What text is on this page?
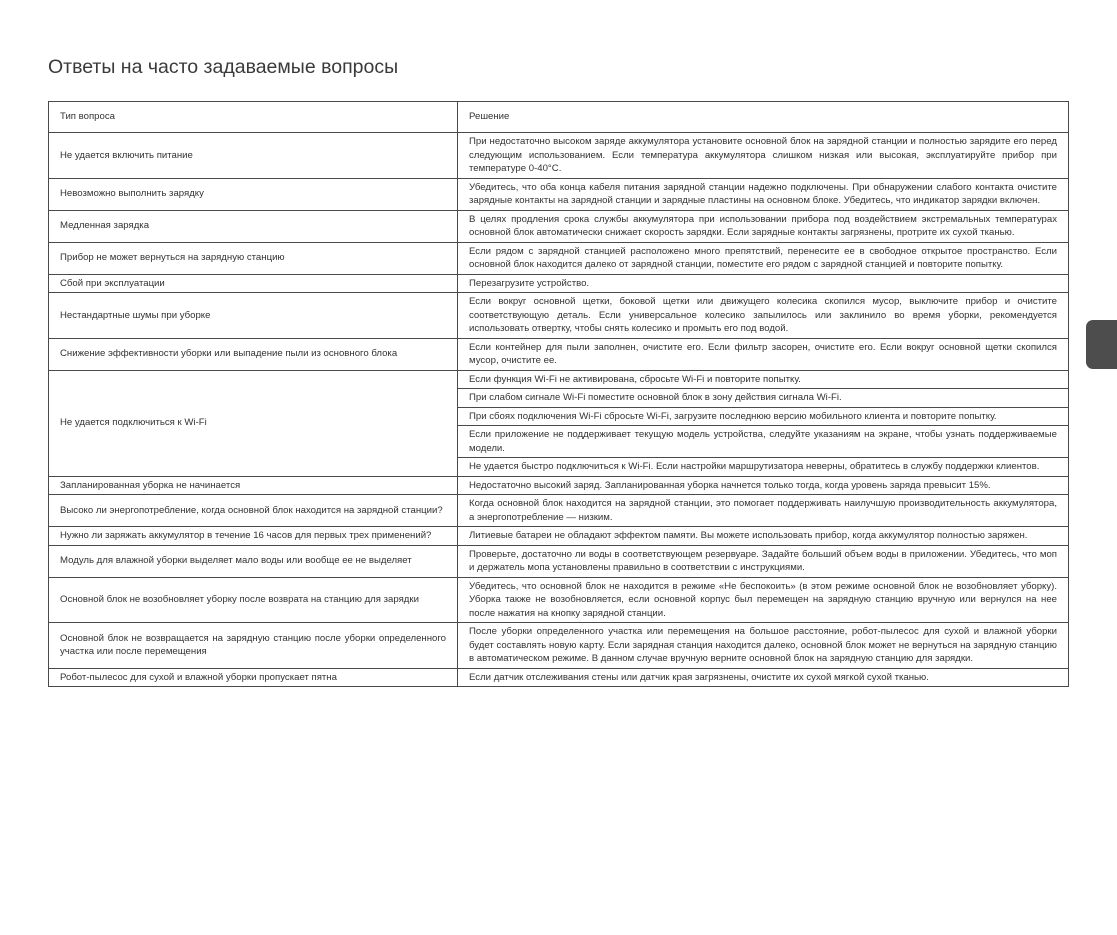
Ответы на часто задаваемые вопросы
Тип вопроса	Решение
Не удается включить питание	При недостаточно высоком заряде аккумулятора установите основной блок на зарядной станции и полностью зарядите его перед следующим использованием. Если температура аккумулятора слишком низкая или высокая, эксплуатируйте прибор при температуре 0-40°C.
Невозможно выполнить зарядку	Убедитесь, что оба конца кабеля питания зарядной станции надежно подключены. При обнаружении слабого контакта очистите зарядные контакты на зарядной станции и зарядные пластины на основном блоке. Убедитесь, что индикатор зарядки включен.
Медленная зарядка	В целях продления срока службы аккумулятора при использовании прибора под воздействием экстремальных температурах основной блок автоматически снижает скорость зарядки. Если зарядные контакты загрязнены, протрите их сухой тканью.
Прибор не может вернуться на зарядную станцию	Если рядом с зарядной станцией расположено много препятствий, перенесите ее в свободное открытое пространство. Если основной блок находится далеко от зарядной станции, поместите его рядом с зарядной станцией и повторите попытку.
Сбой при эксплуатации	Перезагрузите устройство.
Нестандартные шумы при уборке	Если вокруг основной щетки, боковой щетки или движущего колесика скопился мусор, выключите прибор и очистите соответствующую деталь. Если универсальное колесико запылилось или заклинило во время уборки, рекомендуется использовать отвертку, чтобы снять колесико и промыть его под водой.
Снижение эффективности уборки или выпадение пыли из основного блока	Если контейнер для пыли заполнен, очистите его. Если фильтр засорен, очистите его. Если вокруг основной щетки скопился мусор, очистите ее.
Не удается подключиться к Wi-Fi	Если функция Wi-Fi не активирована, сбросьте Wi-Fi и повторите попытку.
	При слабом сигнале Wi-Fi поместите основной блок в зону действия сигнала Wi-Fi.
	При сбоях подключения Wi-Fi сбросьте Wi-Fi, загрузите последнюю версию мобильного клиента и повторите попытку.
	Если приложение не поддерживает текущую модель устройства, следуйте указаниям на экране, чтобы узнать поддерживаемые модели.
	Не удается быстро подключиться к Wi-Fi. Если настройки маршрутизатора неверны, обратитесь в службу поддержки клиентов.
Запланированная уборка не начинается	Недостаточно высокий заряд. Запланированная уборка начнется только тогда, когда уровень заряда превысит 15%.
Высоко ли энергопотребление, когда основной блок находится на зарядной станции?	Когда основной блок находится на зарядной станции, это помогает поддерживать наилучшую производительность аккумулятора, а энергопотребление — низким.
Нужно ли заряжать аккумулятор в течение 16 часов для первых трех применений?	Литиевые батареи не обладают эффектом памяти. Вы можете использовать прибор, когда аккумулятор полностью заряжен.
Модуль для влажной уборки выделяет мало воды или вообще ее не выделяет	Проверьте, достаточно ли воды в соответствующем резервуаре. Задайте больший объем воды в приложении. Убедитесь, что моп и держатель мопа установлены правильно в соответствии с инструкциями.
Основной блок не возобновляет уборку после возврата на станцию для зарядки	Убедитесь, что основной блок не находится в режиме «Не беспокоить» (в этом режиме основной блок не возобновляет уборку). Уборка также не возобновляется, если основной корпус был перемещен на зарядную станцию вручную или вернулся на нее после нажатия на кнопку зарядной станции.
Основной блок не возвращается на зарядную станцию после уборки определенного участка или после перемещения	После уборки определенного участка или перемещения на большое расстояние, робот-пылесос для сухой и влажной уборки будет составлять новую карту. Если зарядная станция находится далеко, основной блок может не вернуться на зарядную станцию в автоматическом режиме. В данном случае вручную верните основной блок на зарядную станцию для зарядки.
Робот-пылесос для сухой и влажной уборки пропускает пятна	Если датчик отслеживания стены или датчик края загрязнены, очистите их сухой мягкой сухой тканью.
